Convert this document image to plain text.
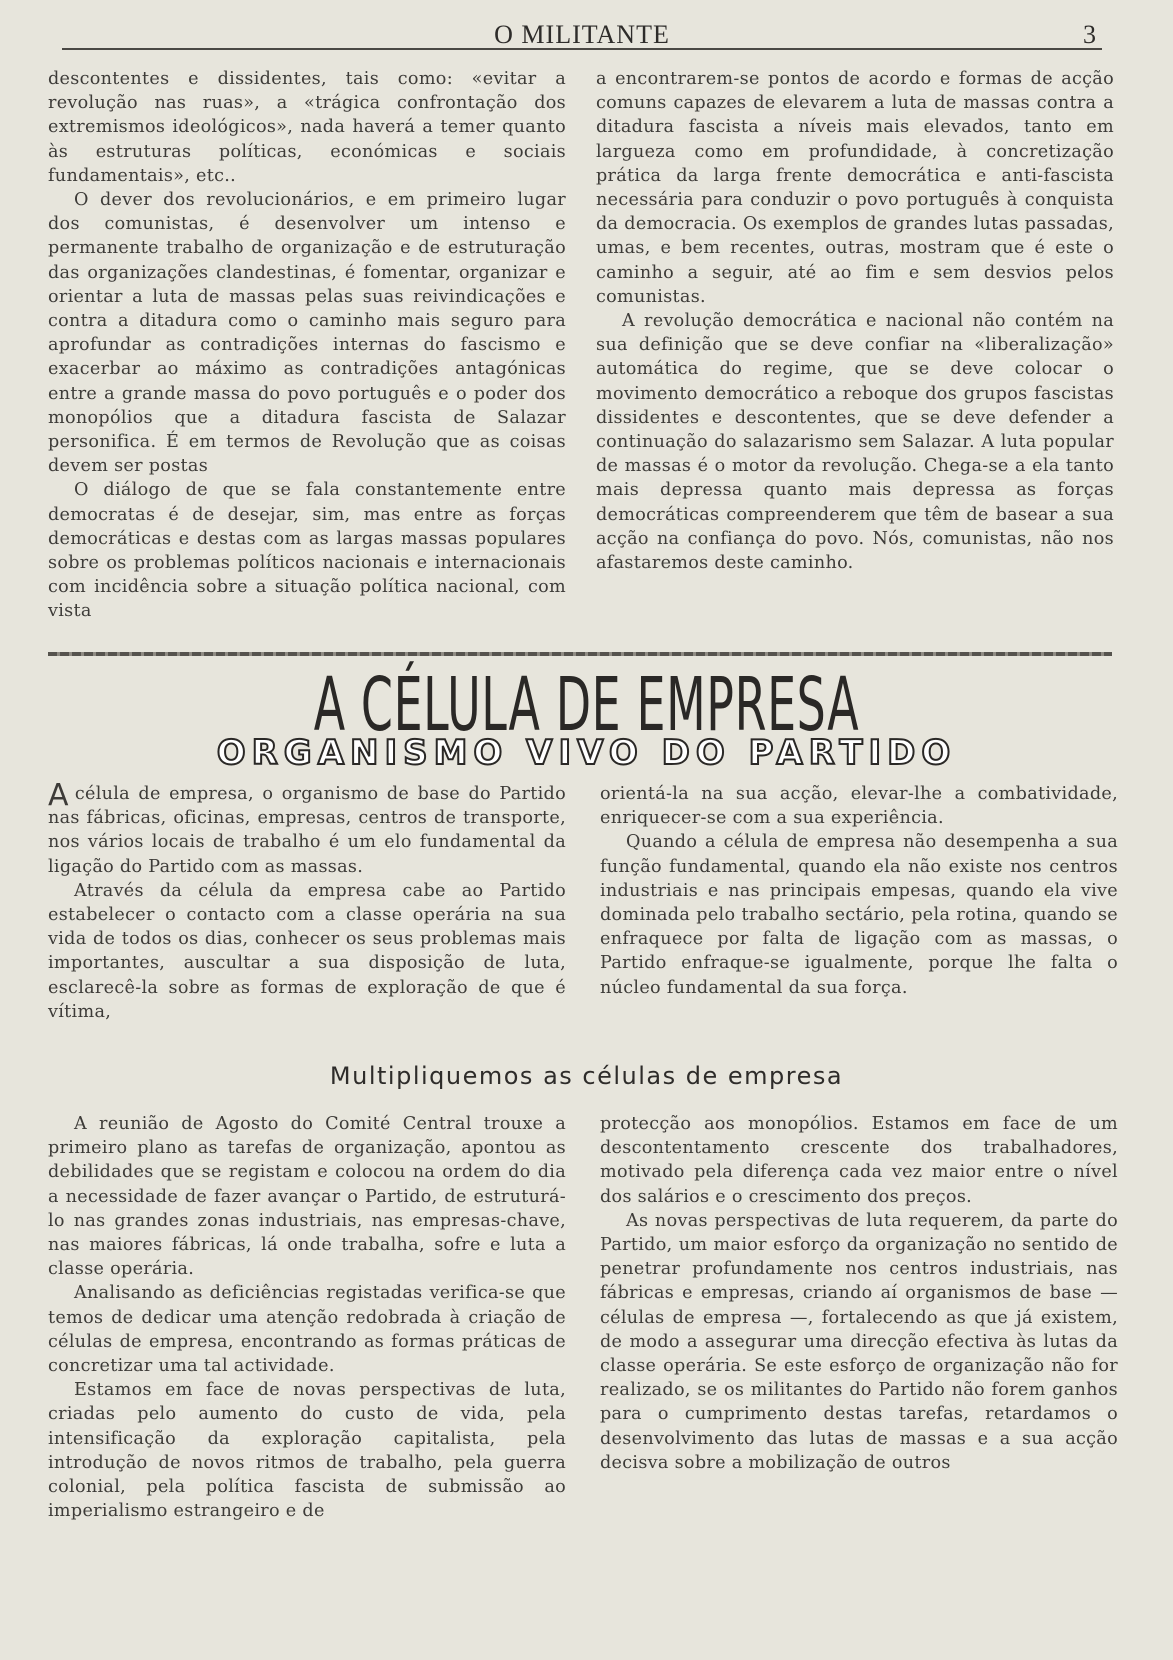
O MILITANTE	3

descontentes e dissidentes, tais como: «evitar a revolução nas ruas», a «trágica confrontação dos extremismos ideológicos», nada haverá a temer quanto às estruturas políticas, económicas e sociais fundamentais», etc..

O dever dos revolucionários, e em primeiro lugar dos comunistas, é desenvolver um intenso e permanente trabalho de organização e de estruturação das organizações clandestinas, é fomentar, organizar e orientar a luta de massas pelas suas reivindicações e contra a ditadura como o caminho mais seguro para aprofundar as contradições internas do fascismo e exacerbar ao máximo as contradições antagónicas entre a grande massa do povo português e o poder dos monopólios que a ditadura fascista de Salazar personifica. É em termos de Revolução que as coisas devem ser postas

O diálogo de que se fala constantemente entre democratas é de desejar, sim, mas entre as forças democráticas e destas com as largas massas populares sobre os problemas políticos nacionais e internacionais com incidência sobre a situação política nacional, com vista

a encontrarem-se pontos de acordo e formas de acção comuns capazes de elevarem a luta de massas contra a ditadura fascista a níveis mais elevados, tanto em largueza como em profundidade, à concretização prática da larga frente democrática e anti-fascista necessária para conduzir o povo português à conquista da democracia. Os exemplos de grandes lutas passadas, umas, e bem recentes, outras, mostram que é este o caminho a seguir, até ao fim e sem desvios pelos comunistas.

A revolução democrática e nacional não contém na sua definição que se deve confiar na «liberalização» automática do regime, que se deve colocar o movimento democrático a reboque dos grupos fascistas dissidentes e descontentes, que se deve defender a continuação do salazarismo sem Salazar. A luta popular de massas é o motor da revolução. Chega-se a ela tanto mais depressa quanto mais depressa as forças democráticas compreenderem que têm de basear a sua acção na confiança do povo. Nós, comunistas, não nos afastaremos deste caminho.

A CÉLULA DE EMPRESA
ORGANISMO VIVO DO PARTIDO

Acélula de empresa, o organismo de base do Partido nas fábricas, oficinas, empresas, centros de transporte, nos vários locais de trabalho é um elo fundamental da ligação do Partido com as massas.

Através da célula da empresa cabe ao Partido estabelecer o contacto com a classe operária na sua vida de todos os dias, conhecer os seus problemas mais importantes, auscultar a sua disposição de luta, esclarecê-la sobre as formas de exploração de que é vítima,

orientá-la na sua acção, elevar-lhe a combatividade, enriquecer-se com a sua experiência.

Quando a célula de empresa não desempenha a sua função fundamental, quando ela não existe nos centros industriais e nas principais empesas, quando ela vive dominada pelo trabalho sectário, pela rotina, quando se enfraquece por falta de ligação com as massas, o Partido enfraque-se igualmente, porque lhe falta o núcleo fundamental da sua força.

Multipliquemos as células de empresa

A reunião de Agosto do Comité Central trouxe a primeiro plano as tarefas de organização, apontou as debilidades que se registam e colocou na ordem do dia a necessidade de fazer avançar o Partido, de estruturá-lo nas grandes zonas industriais, nas empresas-chave, nas maiores fábricas, lá onde trabalha, sofre e luta a classe operária.

Analisando as deficiências registadas verifica-se que temos de dedicar uma atenção redobrada à criação de células de empresa, encontrando as formas práticas de concretizar uma tal actividade.

Estamos em face de novas perspectivas de luta, criadas pelo aumento do custo de vida, pela intensificação da exploração capitalista, pela introdução de novos ritmos de trabalho, pela guerra colonial, pela política fascista de submissão ao imperialismo estrangeiro e de

protecção aos monopólios. Estamos em face de um descontentamento crescente dos trabalhadores, motivado pela diferença cada vez maior entre o nível dos salários e o crescimento dos preços.

As novas perspectivas de luta requerem, da parte do Partido, um maior esforço da organização no sentido de penetrar profundamente nos centros industriais, nas fábricas e empresas, criando aí organismos de base — células de empresa —, fortalecendo as que já existem, de modo a assegurar uma direcção efectiva às lutas da classe operária. Se este esforço de organização não for realizado, se os militantes do Partido não forem ganhos para o cumprimento destas tarefas, retardamos o desenvolvimento das lutas de massas e a sua acção decisva sobre a mobilização de outros
